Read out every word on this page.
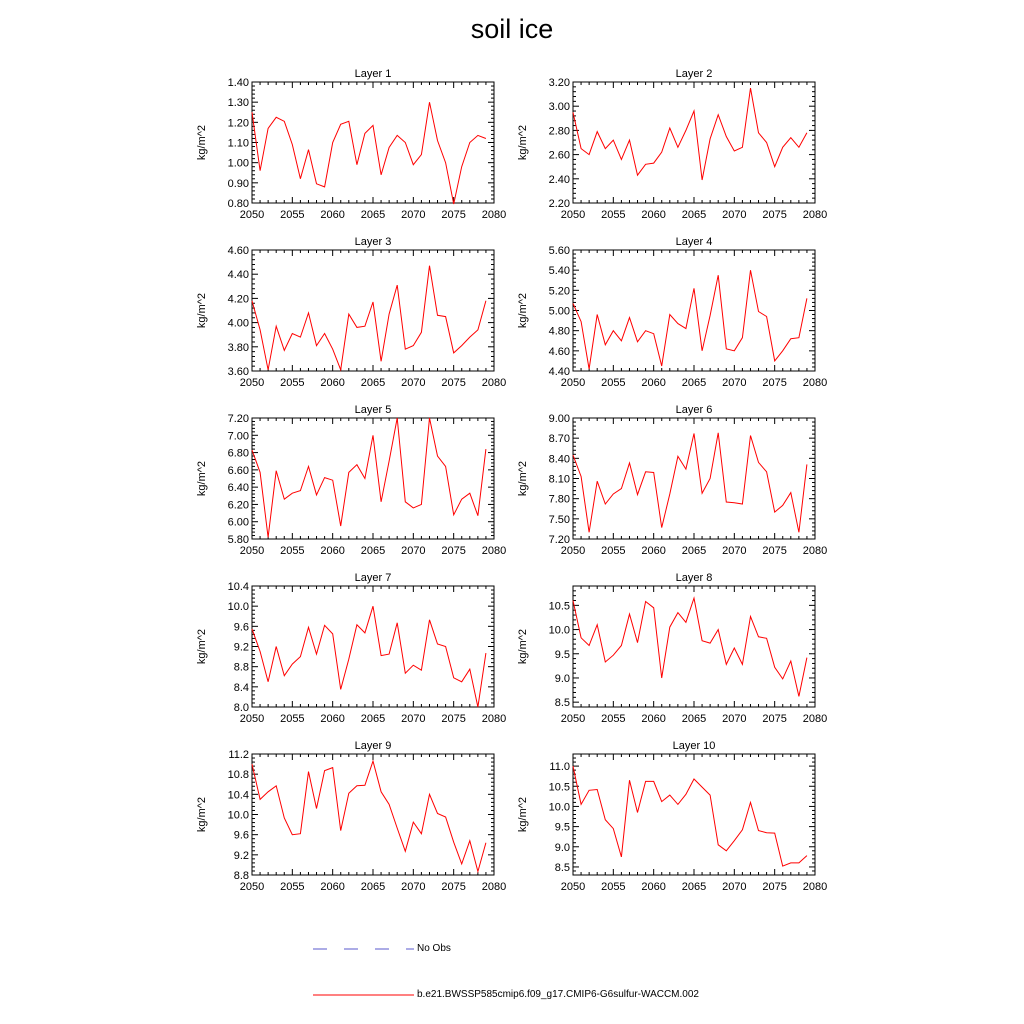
soil ice
Layer 1
2050 2055 2060 2065 2070 2075 2080
0.80
0.90
1.00
1.10
1.20
1.30
1.40
kg/m^2
Layer 2
2050 2055 2060 2065 2070 2075 2080
2.20
2.40
2.60
2.80
3.00
3.20
kg/m^2
Layer 3
2050 2055 2060 2065 2070 2075 2080
3.60
3.80
4.00
4.20
4.40
4.60
kg/m^2
Layer 4
2050 2055 2060 2065 2070 2075 2080
4.40
4.60
4.80
5.00
5.20
5.40
5.60
kg/m^2
Layer 5
2050 2055 2060 2065 2070 2075 2080
5.80
6.00
6.20
6.40
6.60
6.80
7.00
7.20
kg/m^2
Layer 6
2050 2055 2060 2065 2070 2075 2080
7.20
7.50
7.80
8.10
8.40
8.70
9.00
kg/m^2
Layer 7
2050 2055 2060 2065 2070 2075 2080
8.0
8.4
8.8
9.2
9.6
10.0
10.4
kg/m^2
Layer 8
2050 2055 2060 2065 2070 2075 2080
8.5
9.0
9.5
10.0
10.5
kg/m^2
Layer 9
2050 2055 2060 2065 2070 2075 2080
8.8
9.2
9.6
10.0
10.4
10.8
11.2
kg/m^2
Layer 10
2050 2055 2060 2065 2070 2075 2080
8.5
9.0
9.5
10.0
10.5
11.0
kg/m^2
No Obs
b.e21.BWSSP585cmip6.f09_g17.CMIP6-G6sulfur-WACCM.002
